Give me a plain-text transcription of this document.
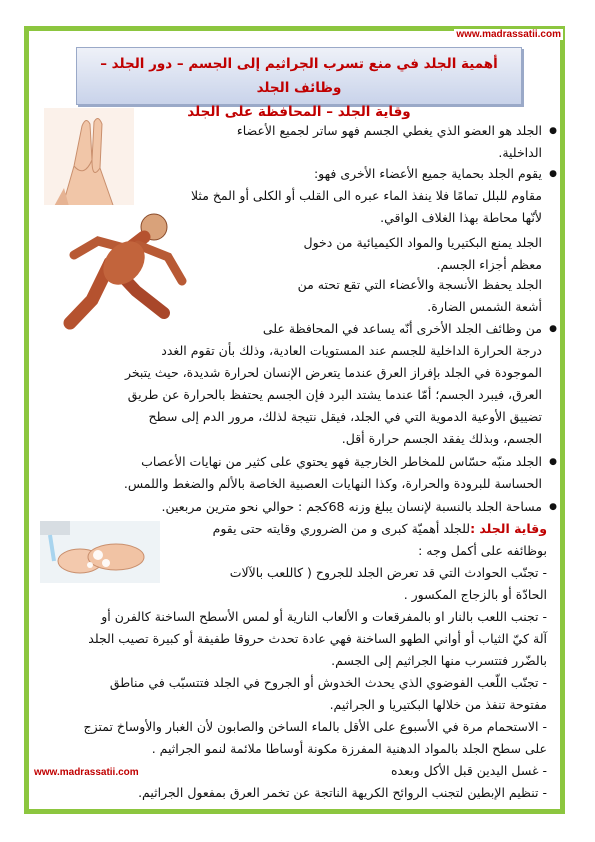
www.madrassatii.com
أهمية الجلد في منع تسرب الجراثيم إلى الجسم – دور الجلد – وظائف الجلد
وقاية الجلد – المحافظة على الجلد
● الجلد هو العضو الذي يغطي الجسم فهو ساتر لجميع الأعضاء
الداخلية.
● يقوم الجلد بحماية جميع الأعضاء الأخرى فهو:
مقاوم للبلل تمامًا فلا ينفذ الماء عبره الى القلب أو الكلى أو المخ مثلا
لأنّها محاطة بهذا الغلاف الواقي.
الجلد يمنع البكتيريا والمواد الكيميائية من دخول
معظم أجزاء الجسم.
الجلد يحفظ الأنسجة والأعضاء التي تقع تحته من
أشعة الشمس الضارة.
● من وظائف الجلد الأخرى أنّه يساعد في المحافظة على
درجة الحرارة الداخلية للجسم عند المستويات العادية، وذلك بأن تقوم الغدد
الموجودة في الجلد بإفراز العرق عندما يتعرض الإنسان لحرارة شديدة، حيث يتبخر
العرق، فيبرد الجسم؛ أمّا عندما يشتد البرد فإن الجسم يحتفظ بالحرارة عن طريق
تضييق الأوعية الدموية التي في الجلد، فيقل نتيجة لذلك، مرور الدم إلى سطح
الجسم، وبذلك يفقد الجسم حرارة أقل.
● الجلد منبّه حسّاس للمخاطر الخارجية فهو يحتوي على كثير من نهايات الأعصاب
الحساسة للبرودة والحرارة، وكذا النهايات العصبية الخاصة بالألم والضغط واللمس.
● مساحة الجلد بالنسبة لإنسان يبلغ وزنه 68كجم : حوالي نحو مترين مربعين.
وقاية الجلد :للجلد أهميّة كبرى و من الضروري وقايته حتى يقوم
بوظائفه على أكمل وجه :
- تجنّب الحوادث التي قد تعرض الجلد للجروح ( كاللعب بالآلات
الحادّة أو بالزجاج المكسور .
- تجنب اللعب بالنار او بالمفرقعات و الألعاب النارية أو لمس الأسطح الساخنة كالفرن أو
آلة كيّ الثياب أو أواني الطهو الساخنة فهي عادة تحدث حروقا طفيفة أو كبيرة تصيب الجلد
بالضّرر فتتسرب منها الجراثيم إلى الجسم.
- تجنّب اللّعب الفوضوي الذي يحدث الخدوش أو الجروح في الجلد فتتسبّب في مناطق
مفتوحة تنفذ من خلالها البكتيريا و الجراثيم.
- الاستحمام مرة في الأسبوع على الأقل بالماء الساخن والصابون لأن الغبار والأوساخ تمتزج
على سطح الجلد بالمواد الدهنية المفرزة مكونة أوساطا ملائمة لنمو الجراثيم .
www.madrassatii.com	- غسل اليدين قبل الأكل وبعده
- تنظيم الإبطين لتجنب الروائح الكريهة الناتجة عن تخمر العرق بمفعول الجراثيم.
